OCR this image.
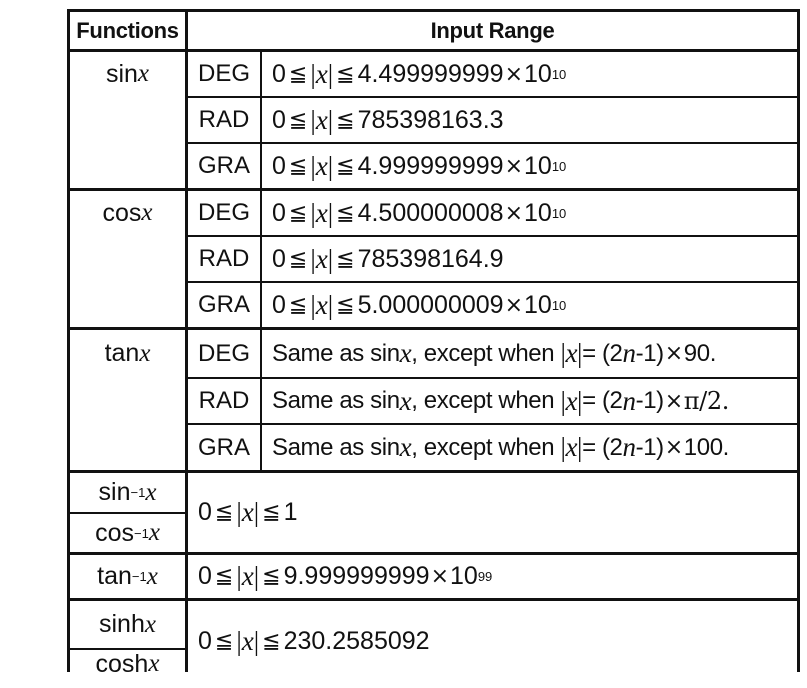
Functions	Input Range
sin x DEG
RAD
GRA
0 ≦ | x | ≦ 4.499999999 × 10 10
0 ≦ | x | ≦ 785398163.3
0 ≦ | x | ≦ 4.999999999 × 10 10
cos x DEG
RAD
GRA
0 ≦ | x | ≦ 4.500000008 × 10 10
0 ≦ | x | ≦ 785398164.9
0 ≦ | x | ≦ 5.000000009 × 10 10
tan x DEG
RAD
GRA
Same as sin x , except when | x | = (2 n -1) × 90.
Same as sin x , except when | x | = (2 n -1) × π/2.
Same as sin x , except when | x | = (2 n -1) × 100.
sin −1 x
cos −1 x
0 ≦ | x | ≦ 1
tan −1 x 0 ≦ | x | ≦ 9.999999999 × 10 99
sinh x
cosh x
0 ≦ | x | ≦ 230.2585092
